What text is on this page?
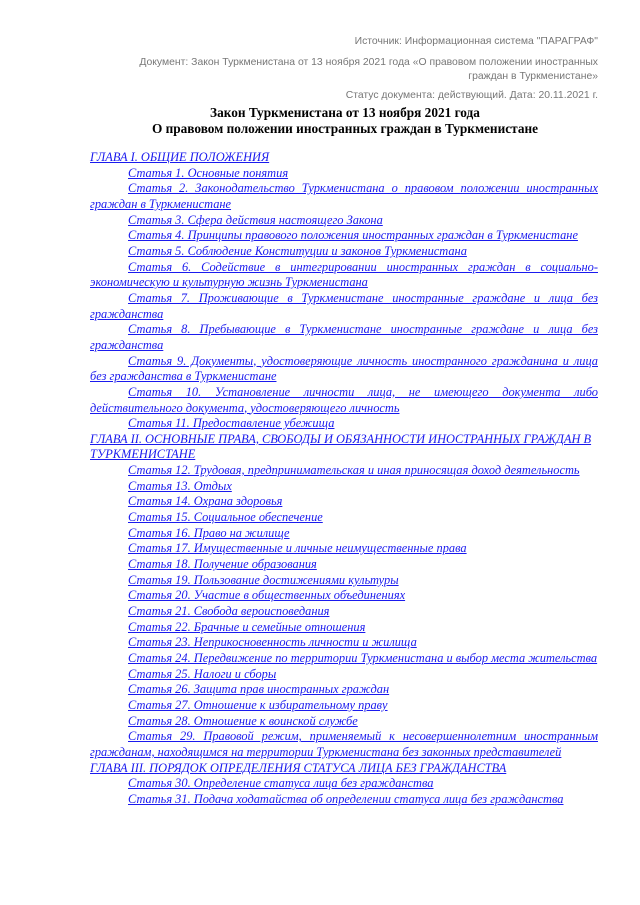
Источник: Информационная система "ПАРАГРАФ"
Документ: Закон Туркменистана от 13 ноября 2021 года «О правовом положении иностранных граждан в Туркменистане»
Статус документа: действующий. Дата: 20.11.2021 г.
Закон Туркменистана от 13 ноября 2021 года
О правовом положении иностранных граждан в Туркменистане
ГЛАВА I. ОБЩИЕ ПОЛОЖЕНИЯ
Статья 1. Основные понятия
Статья 2. Законодательство Туркменистана о правовом положении иностранных граждан в Туркменистане
Статья 3. Сфера действия настоящего Закона
Статья 4. Принципы правового положения иностранных граждан в Туркменистане
Статья 5. Соблюдение Конституции и законов Туркменистана
Статья 6. Содействие в интегрировании иностранных граждан в социально-экономическую и культурную жизнь Туркменистана
Статья 7. Проживающие в Туркменистане иностранные граждане и лица без гражданства
Статья 8. Пребывающие в Туркменистане иностранные граждане и лица без гражданства
Статья 9. Документы, удостоверяющие личность иностранного гражданина и лица без гражданства в Туркменистане
Статья 10. Установление личности лица, не имеющего документа либо действительного документа, удостоверяющего личность
Статья 11. Предоставление убежища
ГЛАВА II. ОСНОВНЫЕ ПРАВА, СВОБОДЫ И ОБЯЗАННОСТИ ИНОСТРАННЫХ ГРАЖДАН В ТУРКМЕНИСТАНЕ
Статья 12. Трудовая, предпринимательская и иная приносящая доход деятельность
Статья 13. Отдых
Статья 14. Охрана здоровья
Статья 15. Социальное обеспечение
Статья 16. Право на жилище
Статья 17. Имущественные и личные неимущественные права
Статья 18. Получение образования
Статья 19. Пользование достижениями культуры
Статья 20. Участие в общественных объединениях
Статья 21. Свобода вероисповедания
Статья 22. Брачные и семейные отношения
Статья 23. Неприкосновенность личности и жилища
Статья 24. Передвижение по территории Туркменистана и выбор места жительства
Статья 25. Налоги и сборы
Статья 26. Защита прав иностранных граждан
Статья 27. Отношение к избирательному праву
Статья 28. Отношение к воинской службе
Статья 29. Правовой режим, применяемый к несовершеннолетним иностранным гражданам, находящимся на территории Туркменистана без законных представителей
ГЛАВА III. ПОРЯДОК ОПРЕДЕЛЕНИЯ СТАТУСА ЛИЦА БЕЗ ГРАЖДАНСТВА
Статья 30. Определение статуса лица без гражданства
Статья 31. Подача ходатайства об определении статуса лица без гражданства
